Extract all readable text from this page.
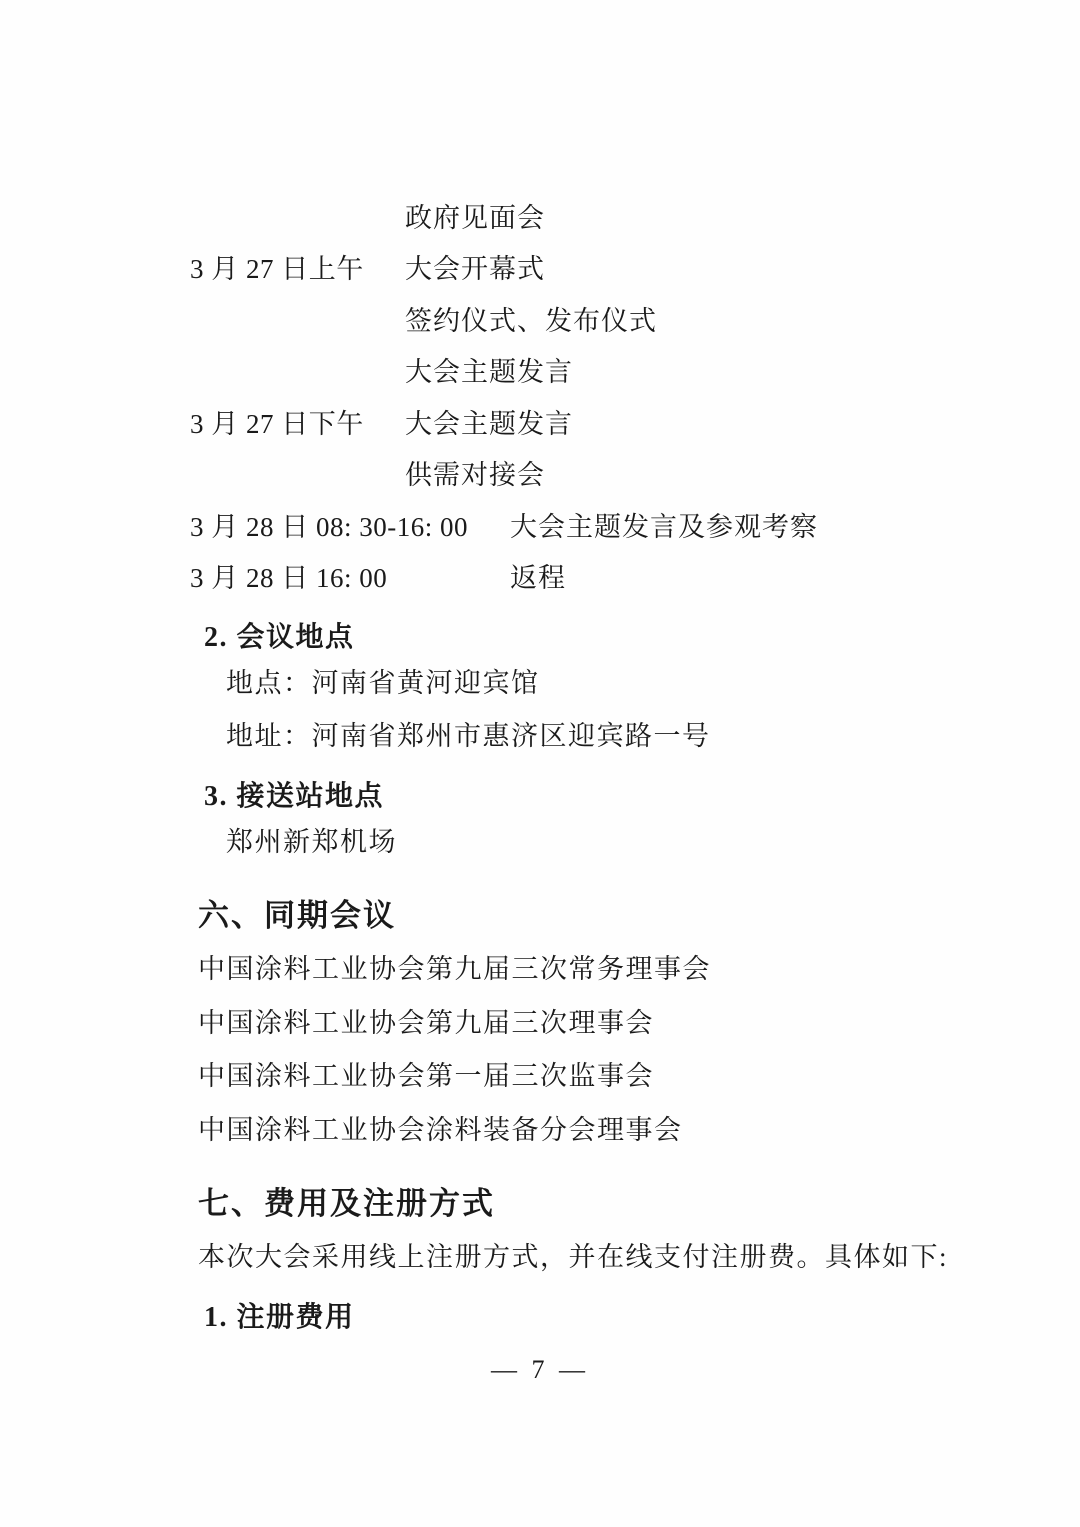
政府见面会
3 月 27 日上午	大会开幕式
签约仪式、发布仪式
大会主题发言
3 月 27 日下午	大会主题发言
供需对接会
3 月 28 日 08: 30-16: 00	大会主题发言及参观考察
3 月 28 日 16: 00	返程
2. 会议地点
地点：河南省黄河迎宾馆
地址：河南省郑州市惠济区迎宾路一号
3. 接送站地点
郑州新郑机场
六、同期会议
中国涂料工业协会第九届三次常务理事会
中国涂料工业协会第九届三次理事会
中国涂料工业协会第一届三次监事会
中国涂料工业协会涂料装备分会理事会
七、费用及注册方式
本次大会采用线上注册方式，并在线支付注册费。具体如下:
1. 注册费用
— 7 —
